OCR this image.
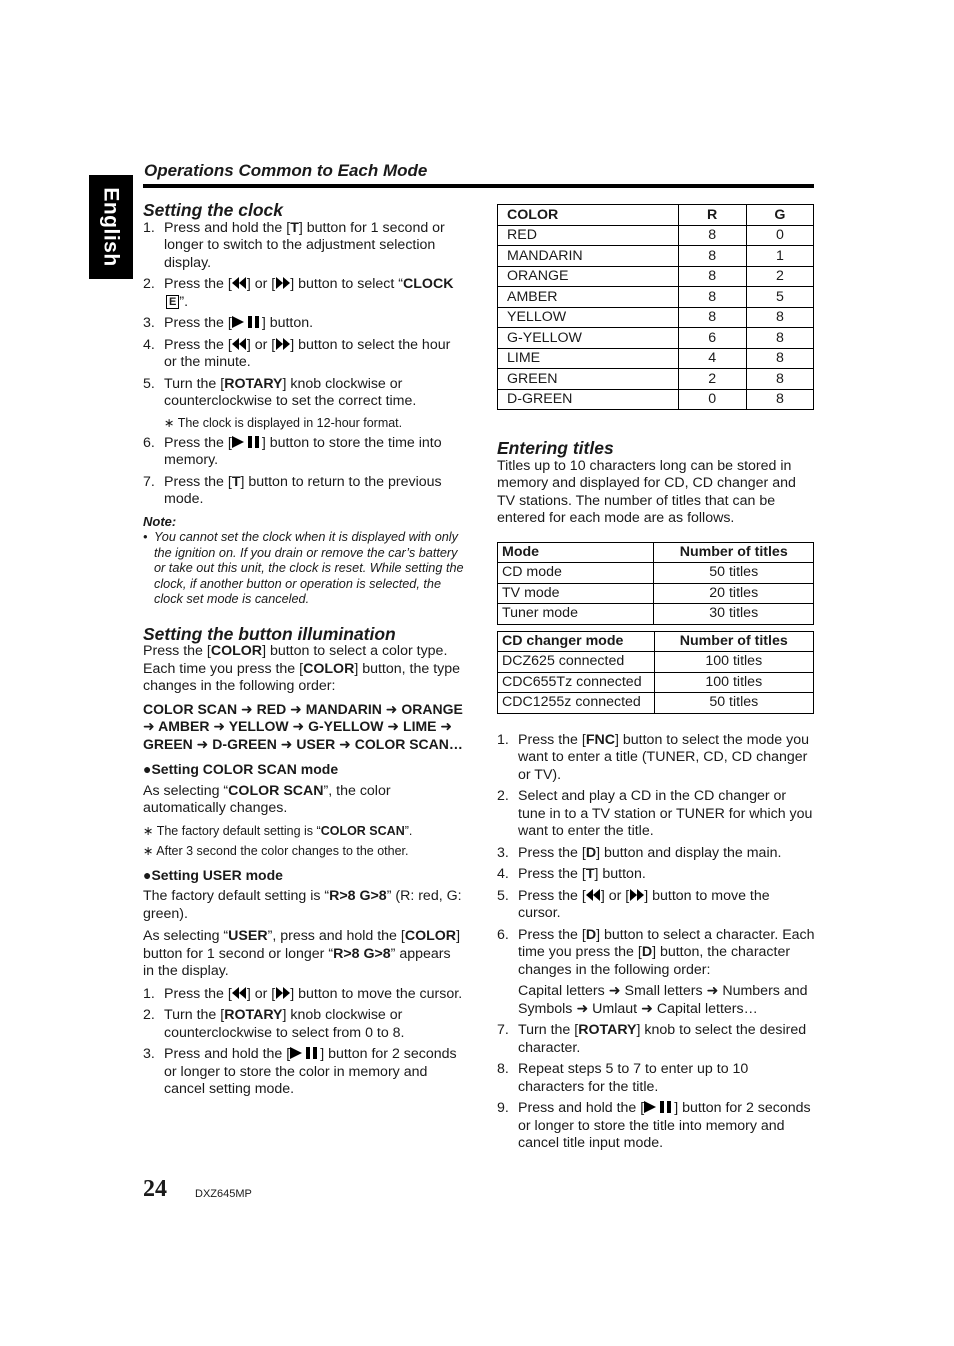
English
Operations Common to Each Mode
Setting the clock
1. Press and hold the [T] button for 1 second or longer to switch to the adjustment selection display.
2. Press the [ ] or [ ] button to select “CLOCK E ”.
3. Press the [ ] button.
4. Press the [ ] or [ ] button to select the hour or the minute.
5. Turn the [ROTARY] knob clockwise or counterclockwise to set the correct time.
∗ The clock is displayed in 12-hour format.
6. Press the [ ] button to store the time into memory.
7. Press the [T] button to return to the previous mode.
Note:
• You cannot set the clock when it is displayed with only the ignition on. If you drain or remove the car’s battery or take out this unit, the clock is reset. While setting the clock, if another button or operation is selected, the clock set mode is canceled.
Setting the button illumination

Press the [COLOR] button to select a color type. Each time you press the [COLOR] button, the type changes in the following order:

COLOR SCAN ➜ RED ➜ MANDARIN ➜ ORANGE ➜ AMBER ➜ YELLOW ➜ G-YELLOW ➜ LIME ➜ GREEN ➜ D-GREEN ➜ USER ➜ COLOR SCAN…
●Setting COLOR SCAN mode

As selecting “COLOR SCAN”, the color automatically changes.

∗ The factory default setting is “COLOR SCAN”.
∗ After 3 second the color changes to the other.
●Setting USER mode

The factory default setting is “R>8 G>8” (R: red, G: green).

As selecting “USER”, press and hold the [COLOR] button for 1 second or longer “R>8 G>8” appears in the display.

1. Press the [ ] or [ ] button to move the cursor.
2. Turn the [ROTARY] knob clockwise or counterclockwise to select from 0 to 8.
3. Press and hold the [ ] button for 2 seconds or longer to store the color in memory and cancel setting mode.
COLOR	R	G
RED	8	0
MANDARIN	8	1
ORANGE	8	2
AMBER	8	5
YELLOW	8	8
G-YELLOW	6	8
LIME	4	8
GREEN	2	8
D-GREEN	0	8
Entering titles

Titles up to 10 characters long can be stored in memory and displayed for CD, CD changer and TV stations. The number of titles that can be entered for each mode are as follows.

Mode	Number of titles
CD mode	50 titles
TV mode	20 titles
Tuner mode	30 titles
CD changer mode	Number of titles
DCZ625 connected	100 titles
CDC655Tz connected	100 titles
CDC1255z connected	50 titles
1. Press the [FNC] button to select the mode you want to enter a title (TUNER, CD, CD changer or TV).
2. Select and play a CD in the CD changer or tune in to a TV station or TUNER for which you want to enter the title.
3. Press the [D] button and display the main.
4. Press the [T] button.
5. Press the [ ] or [ ] button to move the cursor.
6. Press the [D] button to select a character. Each time you press the [D] button, the character changes in the following order:
Capital letters ➜ Small letters ➜ Numbers and Symbols ➜ Umlaut ➜ Capital letters…
7. Turn the [ROTARY] knob to select the desired character.
8. Repeat steps 5 to 7 to enter up to 10 characters for the title.
9. Press and hold the [ ] button for 2 seconds or longer to store the title into memory and cancel title input mode.
24	DXZ645MP
